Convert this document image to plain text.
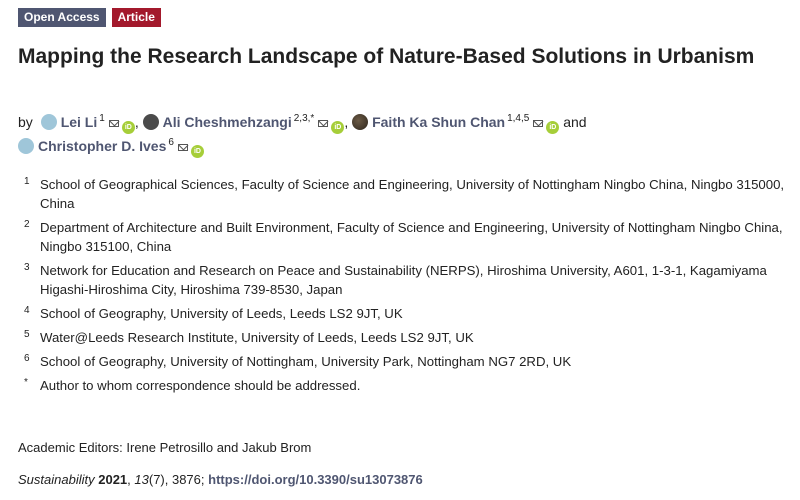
Open Access	Article
Mapping the Research Landscape of Nature-Based Solutions in Urbanism
by Lei Li $^1$iD , Ali Cheshmehzangi $^{2,3,*}$iD , Faith Ka Shun Chan $^{1,4,5}$iD and
Christopher D. Ives $^6$iD
1 School of Geographical Sciences, Faculty of Science and Engineering, University of Nottingham Ningbo China, Ningbo 315000, China
2 Department of Architecture and Built Environment, Faculty of Science and Engineering, University of Nottingham Ningbo China, Ningbo 315100, China
3 Network for Education and Research on Peace and Sustainability (NERPS), Hiroshima University, A601, 1-3-1, Kagamiyama Higashi-Hiroshima City, Hiroshima 739-8530, Japan
4 School of Geography, University of Leeds, Leeds LS2 9JT, UK
5 Water@Leeds Research Institute, University of Leeds, Leeds LS2 9JT, UK
6 School of Geography, University of Nottingham, University Park, Nottingham NG7 2RD, UK
* Author to whom correspondence should be addressed.
Academic Editors: Irene Petrosillo and Jakub Brom
Sustainability 2021, 13(7), 3876; https://doi.org/10.3390/su13073876
